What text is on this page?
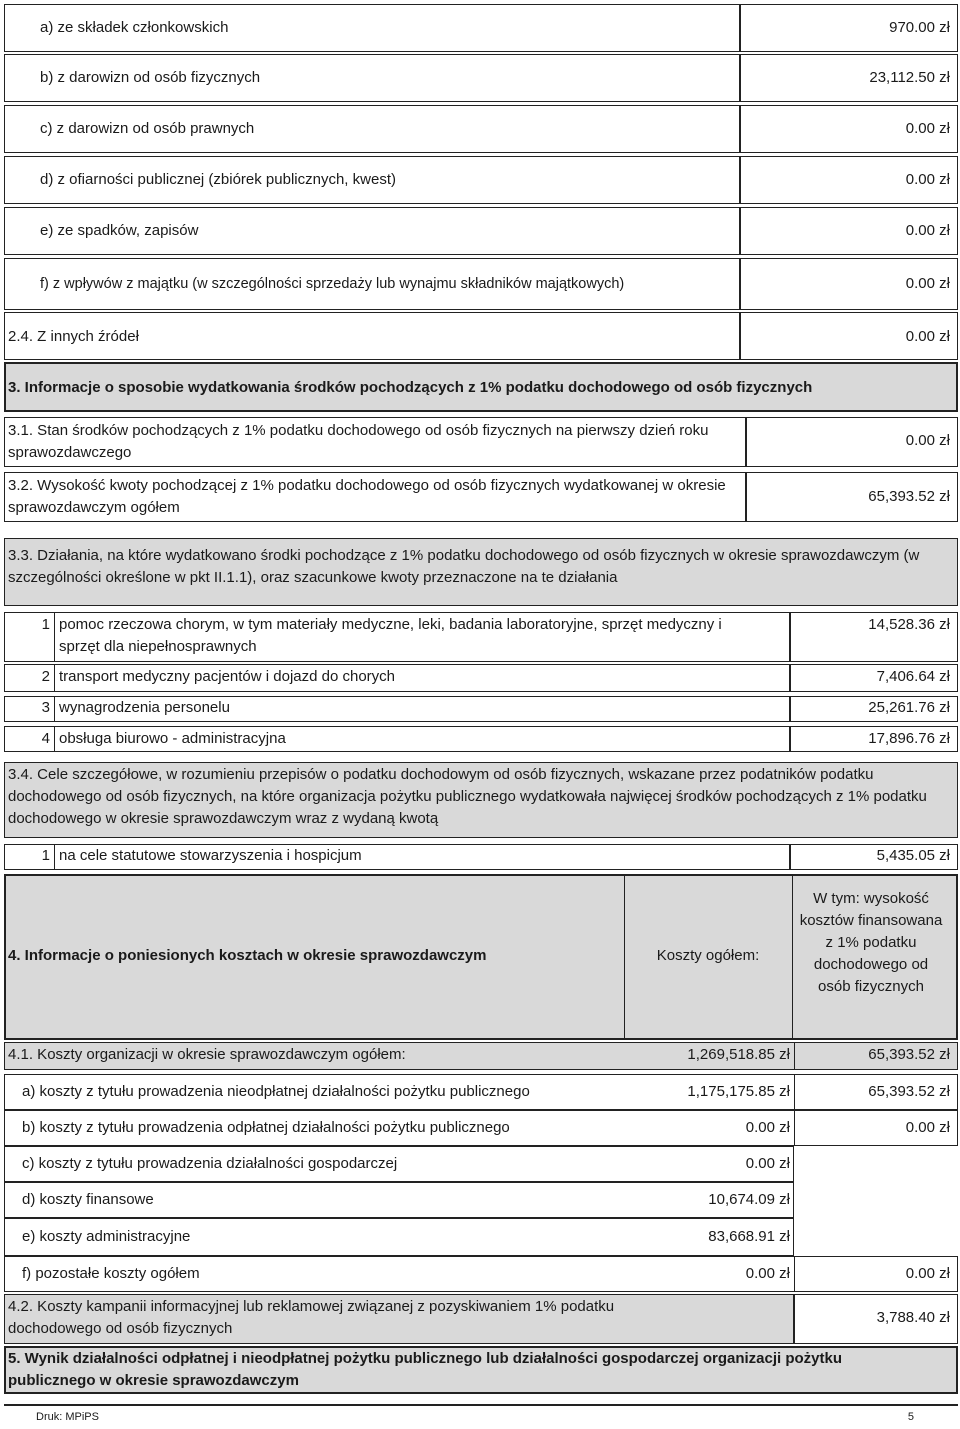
a) ze składek członkowskich	970.00 zł
b) z darowizn od osób fizycznych	23,112.50 zł
c) z darowizn od osób prawnych	0.00 zł
d) z ofiarności publicznej (zbiórek publicznych, kwest)	0.00 zł
e) ze spadków, zapisów	0.00 zł
f) z wpływów z majątku (w szczególności sprzedaży lub wynajmu składników majątkowych)	0.00 zł
2.4. Z innych źródeł	0.00 zł
3. Informacje o sposobie wydatkowania środków pochodzących z 1% podatku dochodowego od osób fizycznych
3.1. Stan środków pochodzących z 1% podatku dochodowego od osób fizycznych na pierwszy dzień roku sprawozdawczego
0.00 zł
3.2. Wysokość kwoty pochodzącej z 1% podatku dochodowego od osób fizycznych wydatkowanej w okresie sprawozdawczym ogółem
65,393.52 zł
3.3. Działania, na które wydatkowano środki pochodzące z 1% podatku dochodowego od osób fizycznych w okresie sprawozdawczym (w szczególności określone w pkt II.1.1), oraz szacunkowe kwoty przeznaczone na te działania
1 pomoc rzeczowa chorym, w tym materiały medyczne, leki, badania laboratoryjne, sprzęt medyczny i sprzęt dla niepełnosprawnych
14,528.36 zł
2 transport medyczny pacjentów i dojazd do chorych	7,406.64 zł
3 wynagrodzenia personelu	25,261.76 zł
4 obsługa biurowo - administracyjna	17,896.76 zł
3.4. Cele szczegółowe, w rozumieniu przepisów o podatku dochodowym od osób fizycznych, wskazane przez podatników podatku dochodowego od osób fizycznych, na które organizacja pożytku publicznego wydatkowała najwięcej środków pochodzących z 1% podatku dochodowego w okresie sprawozdawczym wraz z wydaną kwotą
1 na cele statutowe stowarzyszenia i hospicjum	5,435.05 zł
4. Informacje o poniesionych kosztach w okresie sprawozdawczym	Koszty ogółem:
W tym: wysokość kosztów finansowana z 1% podatku dochodowego od osób fizycznych
4.1. Koszty organizacji w okresie sprawozdawczym ogółem:	1,269,518.85 zł	65,393.52 zł
a) koszty z tytułu prowadzenia nieodpłatnej działalności pożytku publicznego	1,175,175.85 zł	65,393.52 zł
b) koszty z tytułu prowadzenia odpłatnej działalności pożytku publicznego	0.00 zł	0.00 zł
c) koszty z tytułu prowadzenia działalności gospodarczej	0.00 zł
d) koszty finansowe	10,674.09 zł
e) koszty administracyjne	83,668.91 zł
f) pozostałe koszty ogółem	0.00 zł	0.00 zł
4.2. Koszty kampanii informacyjnej lub reklamowej związanej z pozyskiwaniem 1% podatku dochodowego od osób fizycznych
3,788.40 zł
5. Wynik działalności odpłatnej i nieodpłatnej pożytku publicznego lub działalności gospodarczej organizacji pożytku publicznego w okresie sprawozdawczym
Druk: MPiPS	5
